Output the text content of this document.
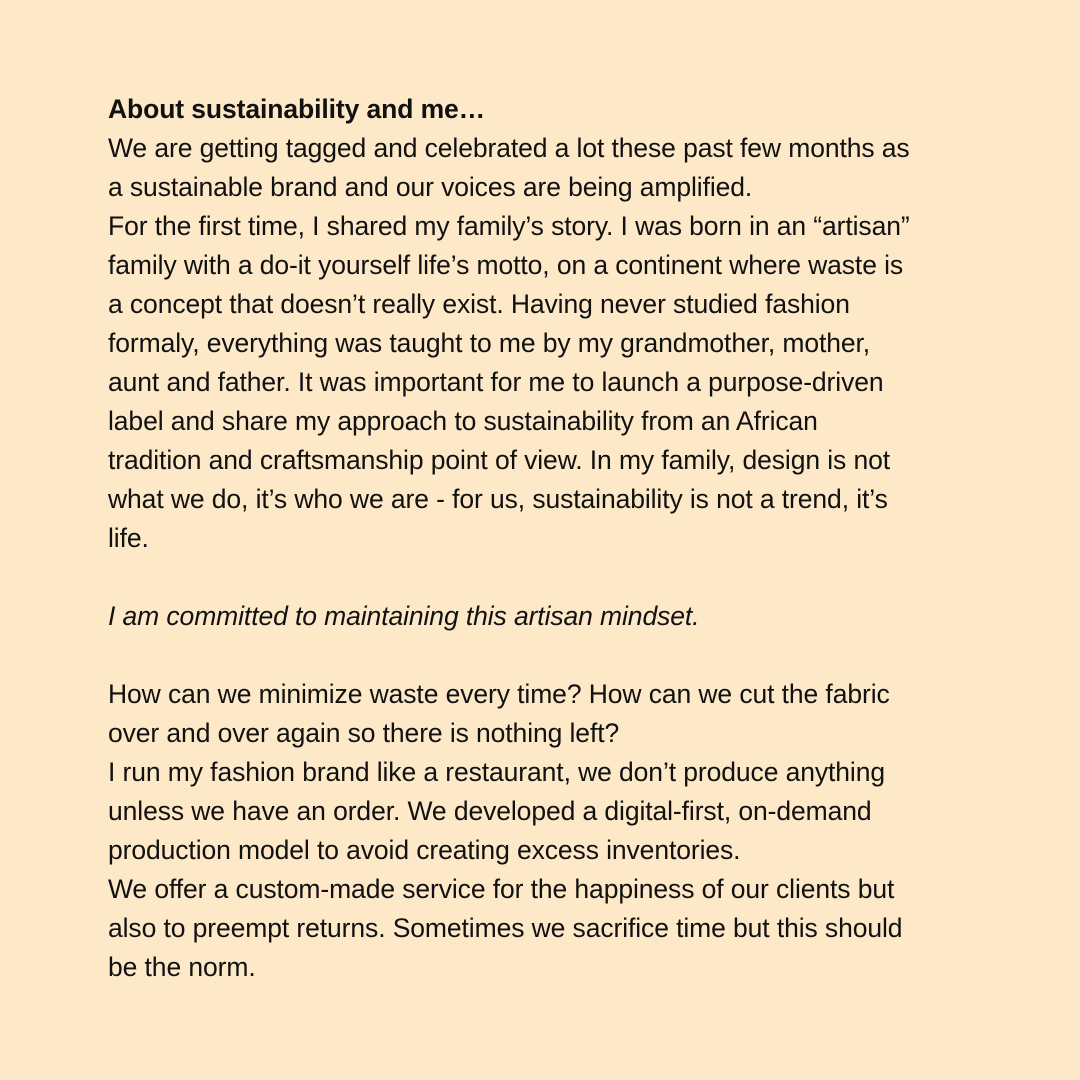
About sustainability and me…
We are getting tagged and celebrated a lot these past few months as
a sustainable brand and our voices are being amplified.
For the first time, I shared my family’s story. I was born in an “artisan”
family with a do-it yourself life’s motto, on a continent where waste is
a concept that doesn’t really exist. Having never studied fashion
formaly, everything was taught to me by my grandmother, mother,
aunt and father. It was important for me to launch a purpose-driven
label and share my approach to sustainability from an African
tradition and craftsmanship point of view. In my family, design is not
what we do, it’s who we are - for us, sustainability is not a trend, it’s
life.
I am committed to maintaining this artisan mindset.
How can we minimize waste every time? How can we cut the fabric
over and over again so there is nothing left?
I run my fashion brand like a restaurant, we don’t produce anything
unless we have an order. We developed a digital-first, on-demand
production model to avoid creating excess inventories.
We offer a custom-made service for the happiness of our clients but
also to preempt returns. Sometimes we sacrifice time but this should
be the norm.
